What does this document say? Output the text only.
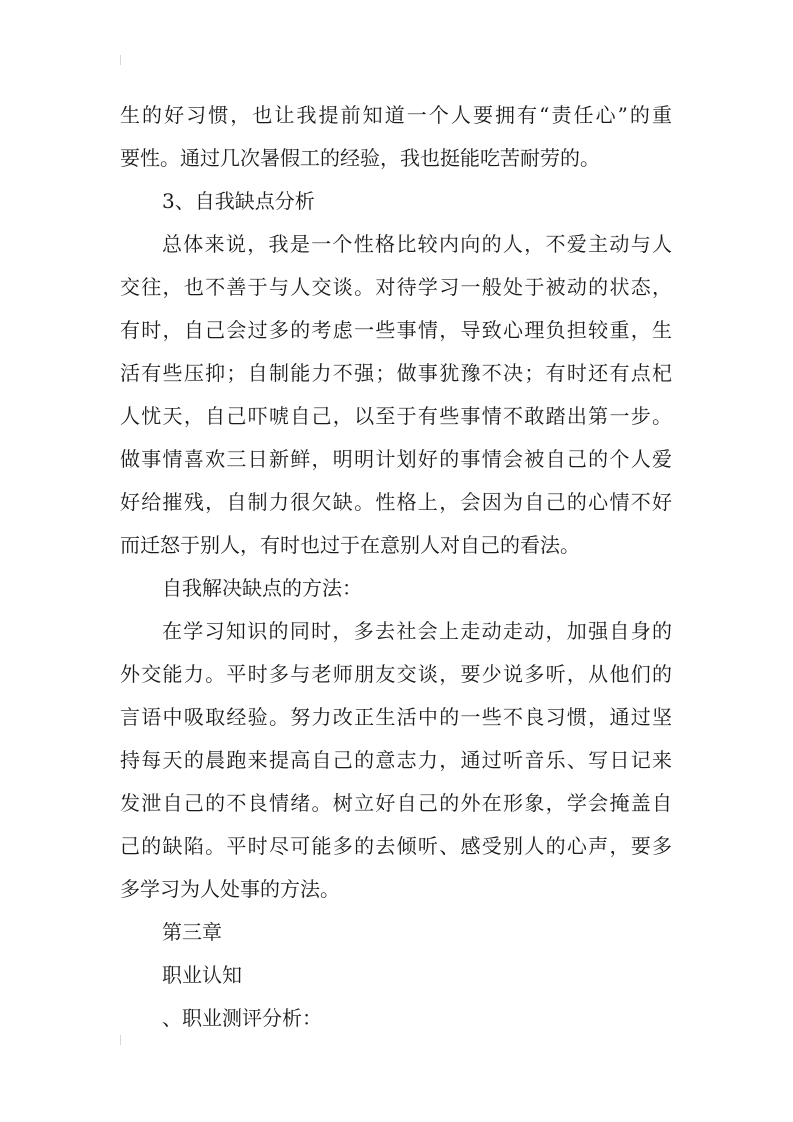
生的好习惯，也让我提前知道一个人要拥有“责任心”的重
要性。通过几次暑假工的经验，我也挺能吃苦耐劳的。
3、自我缺点分析
总体来说，我是一个性格比较内向的人，不爱主动与人
交往，也不善于与人交谈。对待学习一般处于被动的状态，
有时，自己会过多的考虑一些事情，导致心理负担较重，生
活有些压抑；自制能力不强；做事犹豫不决；有时还有点杞
人忧天，自己吓唬自己，以至于有些事情不敢踏出第一步。
做事情喜欢三日新鲜，明明计划好的事情会被自己的个人爱
好给摧残，自制力很欠缺。性格上，会因为自己的心情不好
而迁怒于别人，有时也过于在意别人对自己的看法。
自我解决缺点的方法：
在学习知识的同时，多去社会上走动走动，加强自身的
外交能力。平时多与老师朋友交谈，要少说多听，从他们的
言语中吸取经验。努力改正生活中的一些不良习惯，通过坚
持每天的晨跑来提高自己的意志力，通过听音乐、写日记来
发泄自己的不良情绪。树立好自己的外在形象，学会掩盖自
己的缺陷。平时尽可能多的去倾听、感受别人的心声，要多
多学习为人处事的方法。
第三章
职业认知
、职业测评分析：
